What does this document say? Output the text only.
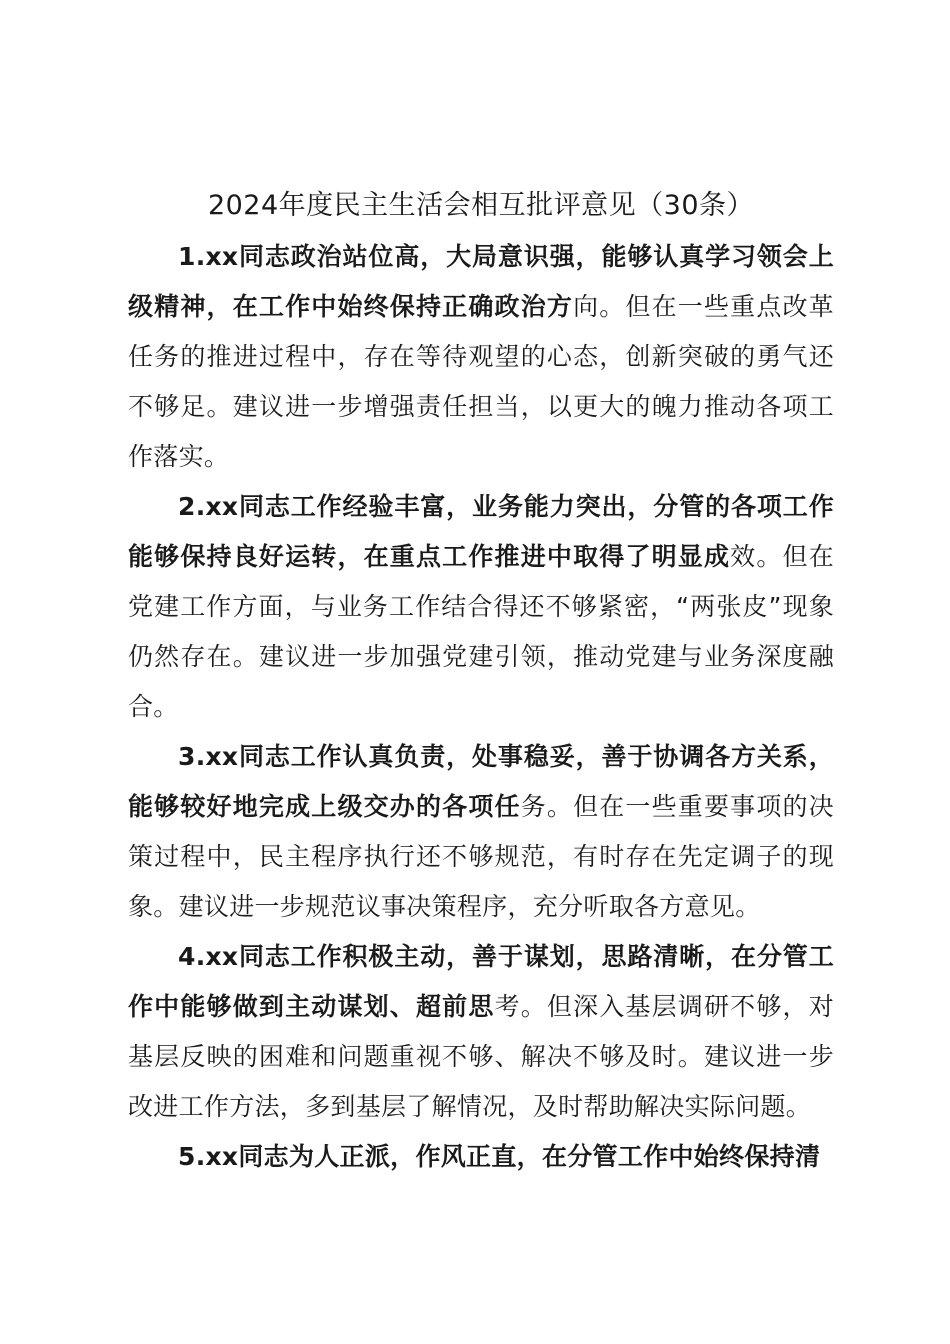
2024年度民主生活会相互批评意见（30条）

1.xx同志政治站位高，大局意识强，能够认真学习领会上级精神，在工作中始终保持正确政治方向。但在一些重点改革任务的推进过程中，存在等待观望的心态，创新突破的勇气还不够足。建议进一步增强责任担当，以更大的魄力推动各项工作落实。

2.xx同志工作经验丰富，业务能力突出，分管的各项工作能够保持良好运转，在重点工作推进中取得了明显成效。但在党建工作方面，与业务工作结合得还不够紧密，“两张皮”现象仍然存在。建议进一步加强党建引领，推动党建与业务深度融合。

3.xx同志工作认真负责，处事稳妥，善于协调各方关系，能够较好地完成上级交办的各项任务。但在一些重要事项的决策过程中，民主程序执行还不够规范，有时存在先定调子的现象。建议进一步规范议事决策程序，充分听取各方意见。

4.xx同志工作积极主动，善于谋划，思路清晰，在分管工作中能够做到主动谋划、超前思考。但深入基层调研不够，对基层反映的困难和问题重视不够、解决不够及时。建议进一步改进工作方法，多到基层了解情况，及时帮助解决实际问题。

5.xx同志为人正派，作风正直，在分管工作中始终保持清
